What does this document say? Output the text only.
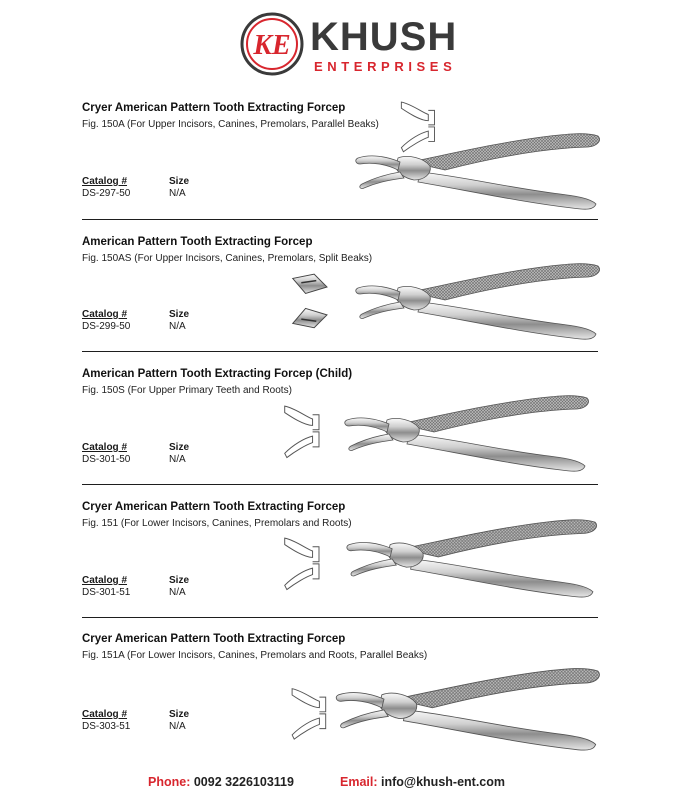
KE KHUSH
ENTERPRISES
Cryer American Pattern Tooth Extracting Forcep
Fig. 150A (For Upper Incisors, Canines, Premolars, Parallel Beaks)
Catalog #	Size
DS-297-50	N/A
American Pattern Tooth Extracting Forcep
Fig. 150AS (For Upper Incisors, Canines, Premolars, Split Beaks)
Catalog #	Size
DS-299-50	N/A
American Pattern Tooth Extracting Forcep (Child)
Fig. 150S (For Upper Primary Teeth and Roots)
Catalog #	Size
DS-301-50	N/A
Cryer American Pattern Tooth Extracting Forcep
Fig. 151 (For Lower Incisors, Canines, Premolars and Roots)
Catalog #	Size
DS-301-51	N/A
Cryer American Pattern Tooth Extracting Forcep
Fig. 151A (For Lower Incisors, Canines, Premolars and Roots, Parallel Beaks)
Catalog #	Size
DS-303-51	N/A
Phone: 0092 3226103119	Email: info@khush-ent.com
